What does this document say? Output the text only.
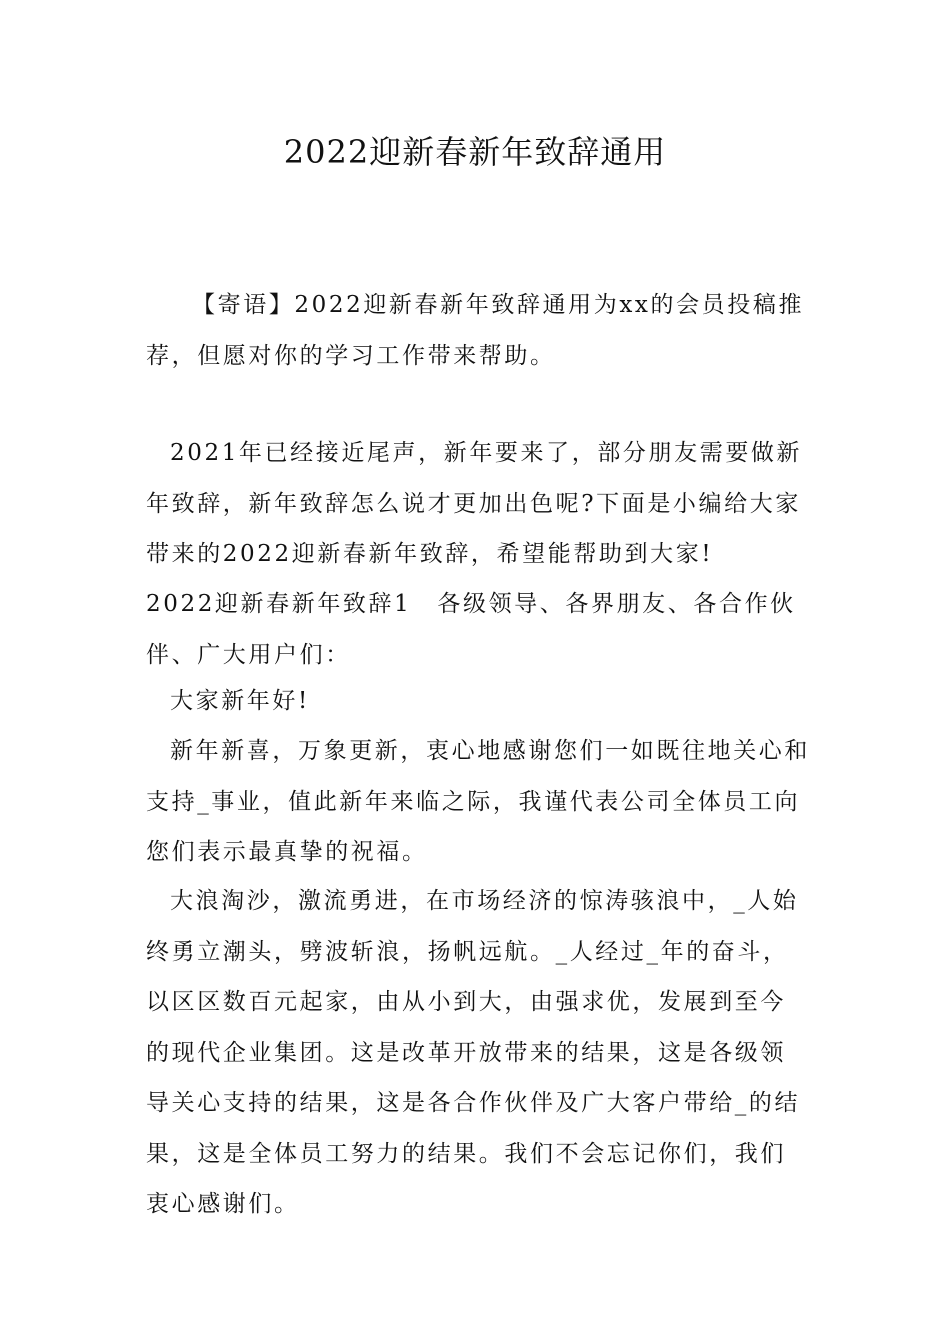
2022迎新春新年致辞通用

【寄语】2022迎新春新年致辞通用为xx的会员投稿推荐，但愿对你的学习工作带来帮助。

2021年已经接近尾声，新年要来了，部分朋友需要做新年致辞，新年致辞怎么说才更加出色呢?下面是小编给大家带来的2022迎新春新年致辞，希望能帮助到大家!

2022迎新春新年致辞1 各级领导、各界朋友、各合作伙伴、广大用户们：

大家新年好!

新年新喜，万象更新，衷心地感谢您们一如既往地关心和支持_事业，值此新年来临之际，我谨代表公司全体员工向您们表示最真挚的祝福。

大浪淘沙，激流勇进，在市场经济的惊涛骇浪中，_人始终勇立潮头，劈波斩浪，扬帆远航。_人经过_年的奋斗，以区区数百元起家，由从小到大，由强求优，发展到至今的现代企业集团。这是改革开放带来的结果，这是各级领导关心支持的结果，这是各合作伙伴及广大客户带给_的结果，这是全体员工努力的结果。我们不会忘记你们，我们衷心感谢们。
